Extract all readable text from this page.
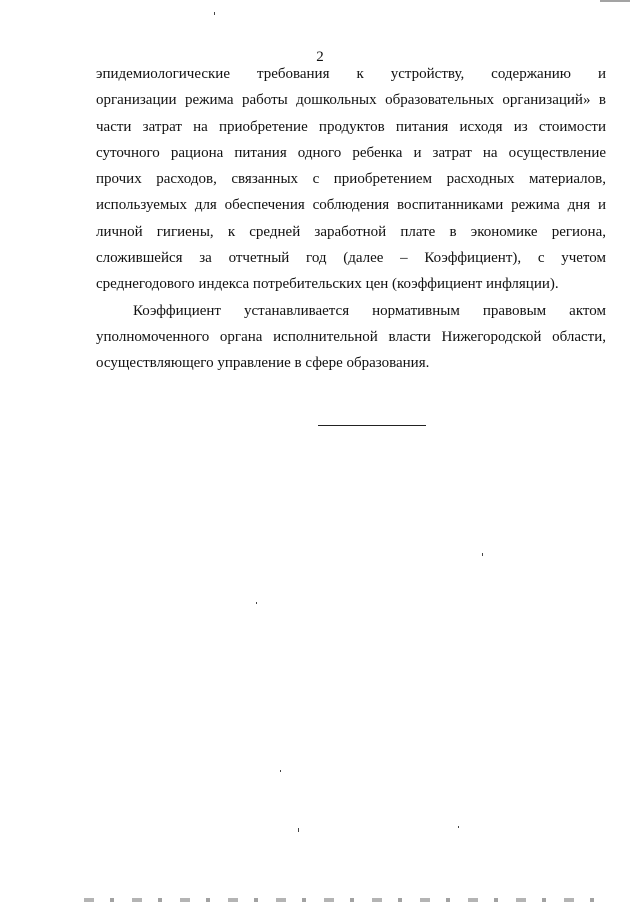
2
эпидемиологические требования к устройству, содержанию и
организации режима работы дошкольных образовательных организаций» в
части затрат на приобретение продуктов питания исходя из стоимости
суточного рациона питания одного ребенка и затрат на осуществление
прочих расходов, связанных с приобретением расходных материалов,
используемых для обеспечения соблюдения воспитанниками режима дня и
личной гигиены, к средней заработной плате в экономике региона,
сложившейся за отчетный год (далее – Коэффициент), с учетом
среднегодового индекса потребительских цен (коэффициент инфляции).
Коэффициент устанавливается нормативным правовым актом
уполномоченного органа исполнительной власти Нижегородской области,
осуществляющего управление в сфере образования.
